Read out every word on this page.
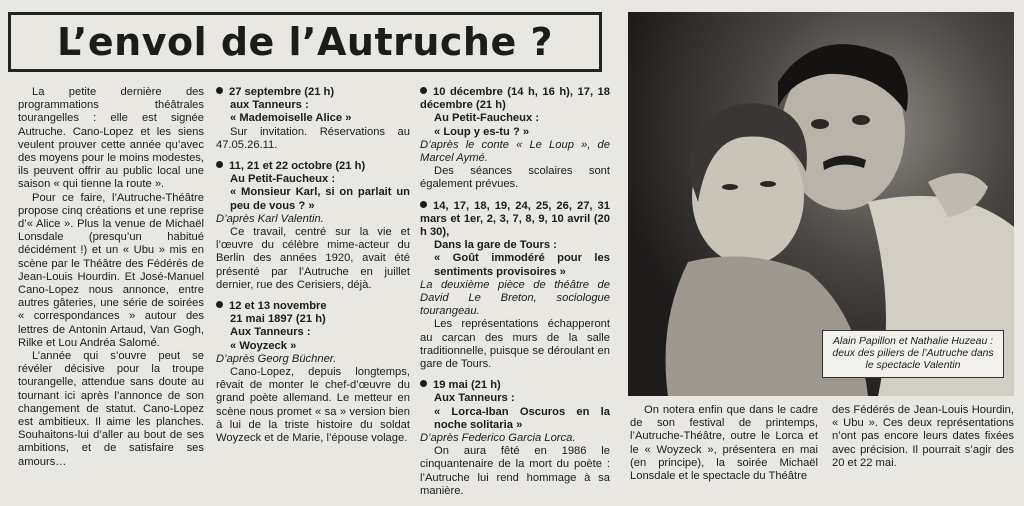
L’envol de l’Autruche ?

La petite dernière des programmations théâtrales tourangelles : elle est signée Autruche. Cano-Lopez et les siens veulent prouver cette année qu’avec des moyens pour le moins modestes, ils peuvent offrir au public local une saison « qui tienne la route ».

Pour ce faire, l’Autruche-Théâtre propose cinq créations et une reprise d’« Alice ». Plus la venue de Michaël Lonsdale (presqu’un habitué décidément !) et un « Ubu » mis en scène par le Théâtre des Fédérés de Jean-Louis Hourdin. Et José-Manuel Cano-Lopez nous annonce, entre autres gâteries, une série de soirées « correspondances » autour des lettres de Antonin Artaud, Van Gogh, Rilke et Lou Andréa Salomé.

L’année qui s’ouvre peut se révéler décisive pour la troupe tourangelle, attendue sans doute au tournant ici après l’annonce de son changement de statut. Cano-Lopez est ambitieux. Il aime les planches. Souhaitons-lui d’aller au bout de ses ambitions, et de satisfaire ses amours…

27 septembre (21 h)
aux Tanneurs :
« Mademoiselle Alice »

Sur invitation. Réservations au 47.05.26.11.

11, 21 et 22 octobre (21 h)
Au Petit-Faucheux :
« Monsieur Karl, si on parlait un peu de vous ? »
D’après Karl Valentin.

Ce travail, centré sur la vie et l’œuvre du célèbre mime-acteur du Berlin des années 1920, avait été présenté par l’Autruche en juillet dernier, rue des Cerisiers, déjà.

12 et 13 novembre
21 mai 1897 (21 h)
Aux Tanneurs :
« Woyzeck »
D’après Georg Büchner.

Cano-Lopez, depuis longtemps, rêvait de monter le chef-d’œuvre du grand poète allemand. Le metteur en scène nous promet « sa » version bien à lui de la triste histoire du soldat Woyzeck et de Marie, l’épouse volage.

10 décembre (14 h, 16 h), 17, 18 décembre (21 h)
Au Petit-Faucheux :
« Loup y es-tu ? »
D’après le conte « Le Loup », de Marcel Aymé.

Des séances scolaires sont également prévues.

14, 17, 18, 19, 24, 25, 26, 27, 31 mars et 1er, 2, 3, 7, 8, 9, 10 avril (20 h 30),
Dans la gare de Tours :
« Goût immodéré pour les sentiments provisoires »
La deuxième pièce de théâtre de David Le Breton, sociologue tourangeau.

Les représentations échapperont au carcan des murs de la salle traditionnelle, puisque se déroulant en gare de Tours.

19 mai (21 h)
Aux Tanneurs :
« Lorca-Iban Oscuros en la noche solitaria »
D’après Federico Garcia Lorca.

On aura fêté en 1986 le cinquantenaire de la mort du poète : l’Autruche lui rend hommage à sa manière.

Alain Papillon et Nathalie Huzeau : deux des piliers de l’Autruche dans le spectacle Valentin

On notera enfin que dans le cadre de son festival de printemps, l’Autruche-Théâtre, outre le Lorca et le « Woyzeck », présentera en mai (en principe), la soirée Michaël Lonsdale et le spectacle du Théâtre

des Fédérés de Jean-Louis Hourdin, « Ubu ». Ces deux représentations n’ont pas encore leurs dates fixées avec précision. Il pourrait s’agir des 20 et 22 mai.
